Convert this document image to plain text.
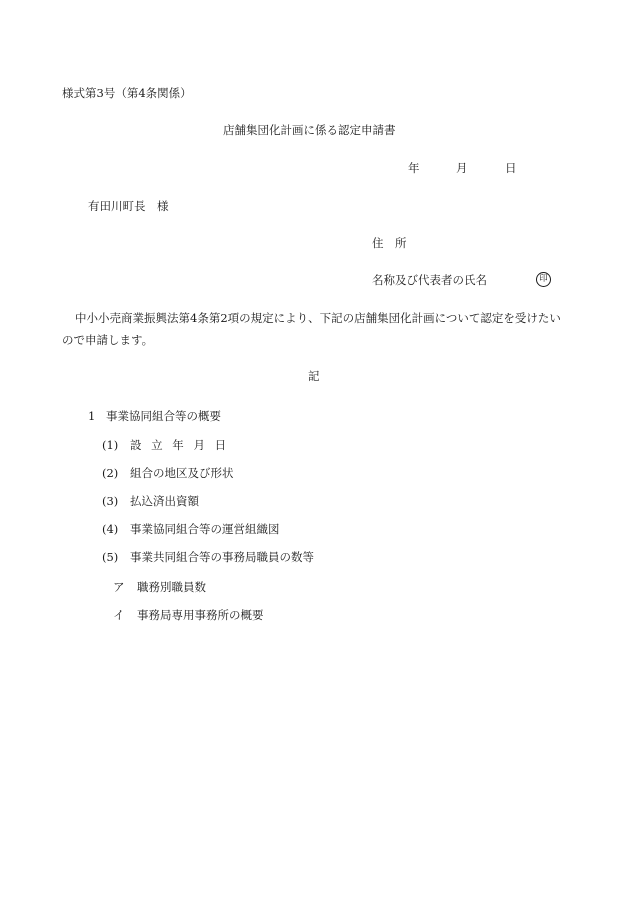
様式第3号（第4条関係）
店舗集団化計画に係る認定申請書
年	月	日
有田川町長　様
住　所
名称及び代表者の氏名	印
中小小売商業振興法第4条第2項の規定により、下記の店舗集団化計画について認定を受けたいので申請します。
記
1 事業協同組合等の概要
(1) 設 立 年 月 日
(2) 組合の地区及び形状
(3) 払込済出資額
(4) 事業協同組合等の運営組織図
(5) 事業共同組合等の事務局職員の数等
ア 職務別職員数
イ 事務局専用事務所の概要
